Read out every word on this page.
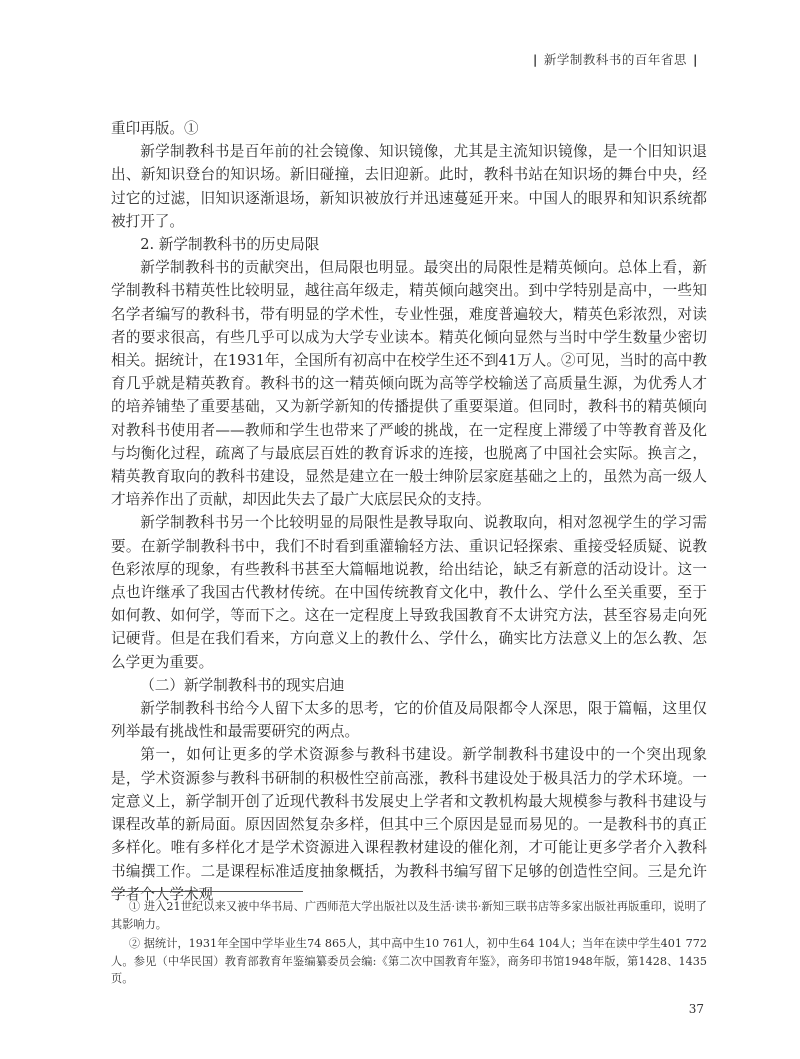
| 新学制教科书的百年省思 |

重印再版。①

新学制教科书是百年前的社会镜像、知识镜像，尤其是主流知识镜像，是一个旧知识退出、新知识登台的知识场。新旧碰撞，去旧迎新。此时，教科书站在知识场的舞台中央，经过它的过滤，旧知识逐渐退场，新知识被放行并迅速蔓延开来。中国人的眼界和知识系统都被打开了。

2. 新学制教科书的历史局限

新学制教科书的贡献突出，但局限也明显。最突出的局限性是精英倾向。总体上看，新学制教科书精英性比较明显，越往高年级走，精英倾向越突出。到中学特别是高中，一些知名学者编写的教科书，带有明显的学术性，专业性强，难度普遍较大，精英色彩浓烈，对读者的要求很高，有些几乎可以成为大学专业读本。精英化倾向显然与当时中学生数量少密切相关。据统计，在1931年，全国所有初高中在校学生还不到41万人。②可见，当时的高中教育几乎就是精英教育。教科书的这一精英倾向既为高等学校输送了高质量生源，为优秀人才的培养铺垫了重要基础，又为新学新知的传播提供了重要渠道。但同时，教科书的精英倾向对教科书使用者——教师和学生也带来了严峻的挑战，在一定程度上滞缓了中等教育普及化与均衡化过程，疏离了与最底层百姓的教育诉求的连接，也脱离了中国社会实际。换言之，精英教育取向的教科书建设，显然是建立在一般士绅阶层家庭基础之上的，虽然为高一级人才培养作出了贡献，却因此失去了最广大底层民众的支持。

新学制教科书另一个比较明显的局限性是教导取向、说教取向，相对忽视学生的学习需要。在新学制教科书中，我们不时看到重灌输轻方法、重识记轻探索、重接受轻质疑、说教色彩浓厚的现象，有些教科书甚至大篇幅地说教，给出结论，缺乏有新意的活动设计。这一点也许继承了我国古代教材传统。在中国传统教育文化中，教什么、学什么至关重要，至于如何教、如何学，等而下之。这在一定程度上导致我国教育不太讲究方法，甚至容易走向死记硬背。但是在我们看来，方向意义上的教什么、学什么，确实比方法意义上的怎么教、怎么学更为重要。

（二）新学制教科书的现实启迪

新学制教科书给今人留下太多的思考，它的价值及局限都令人深思，限于篇幅，这里仅列举最有挑战性和最需要研究的两点。

第一，如何让更多的学术资源参与教科书建设。新学制教科书建设中的一个突出现象是，学术资源参与教科书研制的积极性空前高涨，教科书建设处于极具活力的学术环境。一定意义上，新学制开创了近现代教科书发展史上学者和文教机构最大规模参与教科书建设与课程改革的新局面。原因固然复杂多样，但其中三个原因是显而易见的。一是教科书的真正多样化。唯有多样化才是学术资源进入课程教材建设的催化剂，才可能让更多学者介入教科书编撰工作。二是课程标准适度抽象概括，为教科书编写留下足够的创造性空间。三是允许学者个人学术观

① 进入21世纪以来又被中华书局、广西师范大学出版社以及生活·读书·新知三联书店等多家出版社再版重印，说明了其影响力。

② 据统计，1931年全国中学毕业生74 865人，其中高中生10 761人，初中生64 104人；当年在读中学生401 772人。参见（中华民国）教育部教育年鉴编纂委员会编:《第二次中国教育年鉴》，商务印书馆1948年版，第1428、1435页。

37
